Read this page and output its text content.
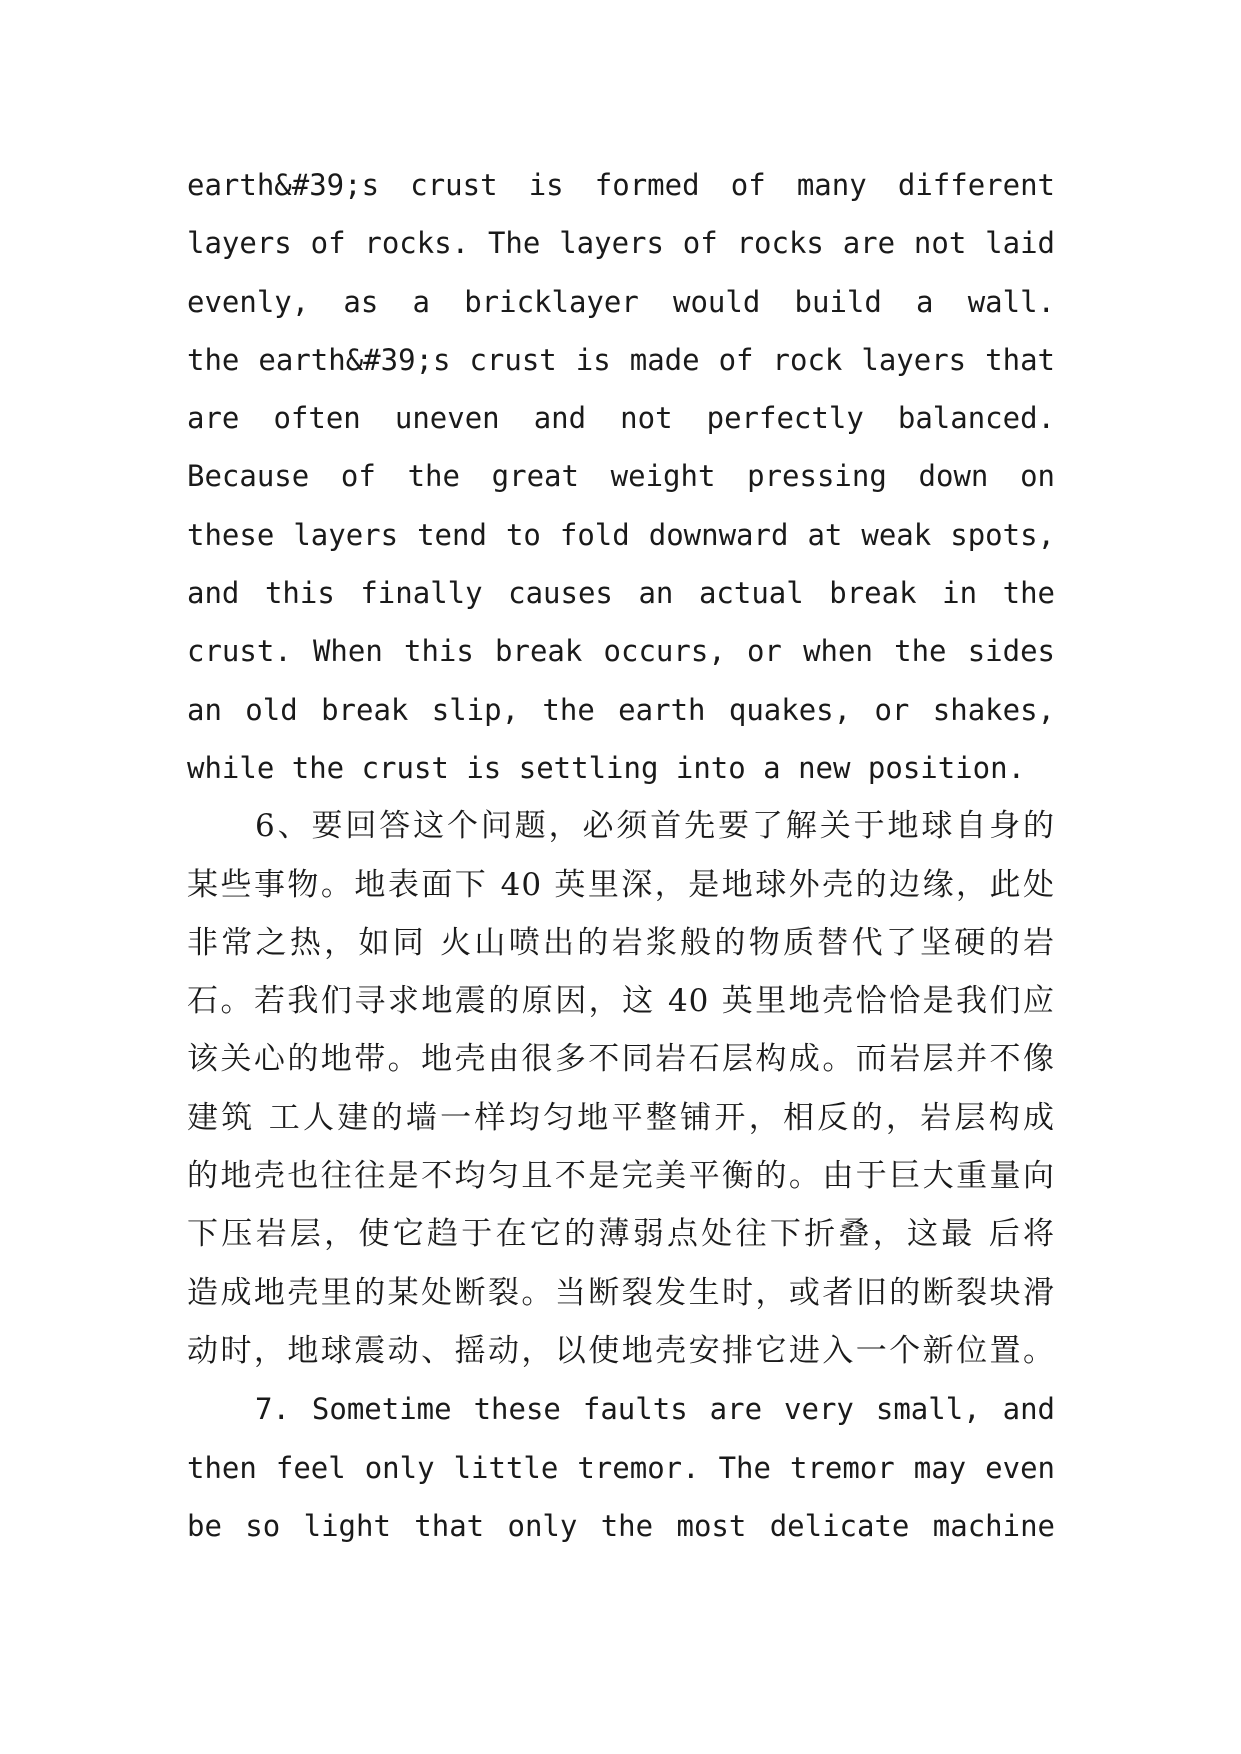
earth&#39;s crust is formed of many different
layers of rocks. The layers of rocks are not laid
evenly, as a bricklayer would build a wall.
the earth&#39;s crust is made of rock layers that
are often uneven and not perfectly balanced.
Because of the great weight pressing down on
these layers tend to fold downward at weak spots,
and this finally causes an actual break in the
crust. When this break occurs, or when the sides
an old break slip, the earth quakes, or shakes,
while the crust is settling into a new position.
6、要回答这个问题，必须首先要了解关于地球自身的
某些事物。地表面下 40 英里深，是地球外壳的边缘，此处
非常之热，如同 火山喷出的岩浆般的物质替代了坚硬的岩
石。若我们寻求地震的原因，这 40 英里地壳恰恰是我们应
该关心的地带。地壳由很多不同岩石层构成。而岩层并不像
建筑 工人建的墙一样均匀地平整铺开，相反的，岩层构成
的地壳也往往是不均匀且不是完美平衡的。由于巨大重量向
下压岩层，使它趋于在它的薄弱点处往下折叠，这最 后将
造成地壳里的某处断裂。当断裂发生时，或者旧的断裂块滑
动时，地球震动、摇动，以使地壳安排它进入一个新位置。
7. Sometime these faults are very small, and
then feel only little tremor. The tremor may even
be so light that only the most delicate machine
